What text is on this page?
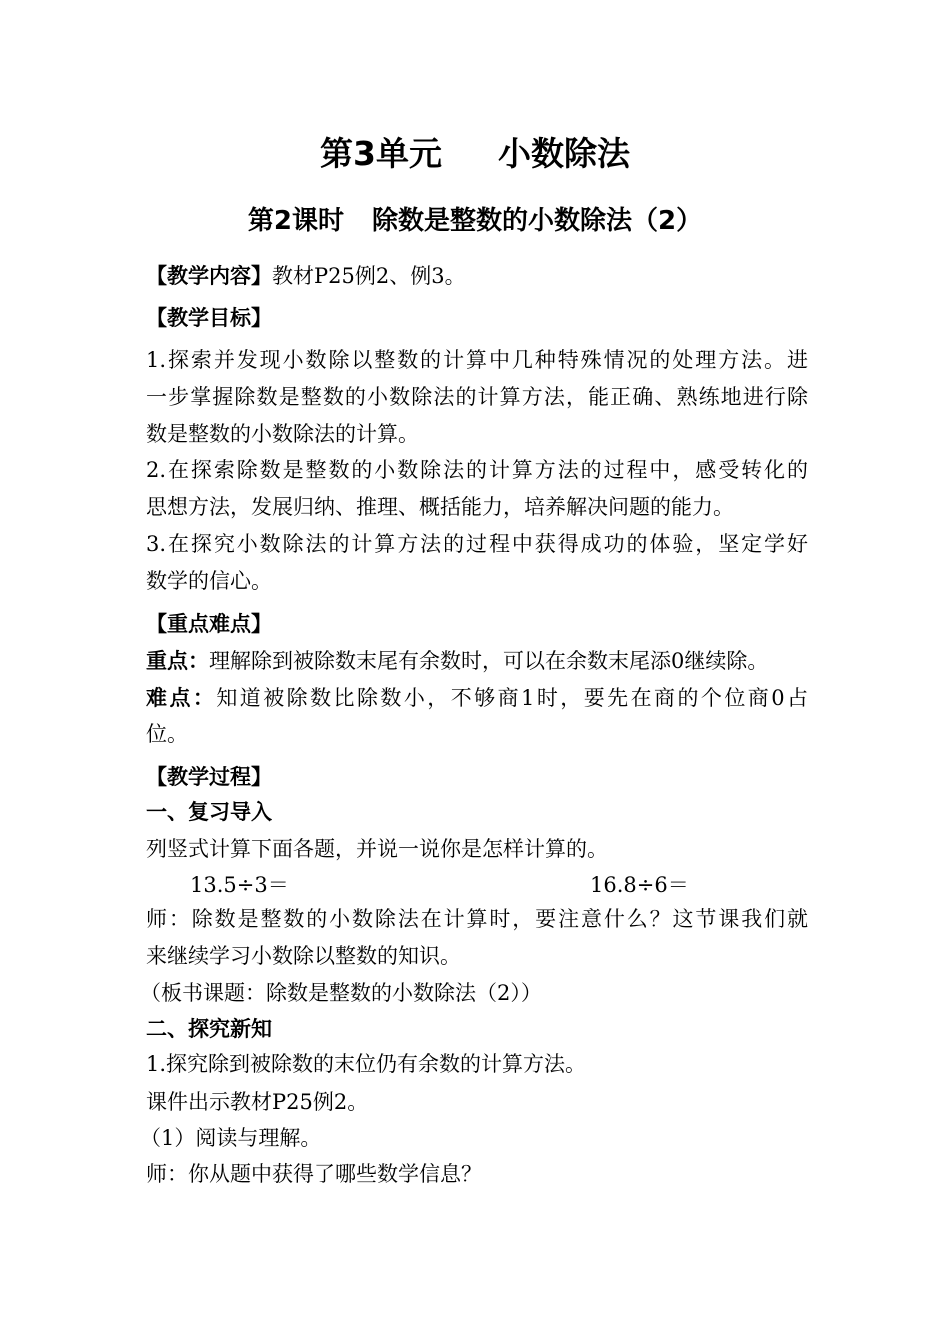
第3单元 小数除法
第2课时 除数是整数的小数除法（2）
【教学内容】教材P25例2、例3。
【教学目标】
1.探索并发现小数除以整数的计算中几种特殊情况的处理方法。进
一步掌握除数是整数的小数除法的计算方法，能正确、熟练地进行除
数是整数的小数除法的计算。
2.在探索除数是整数的小数除法的计算方法的过程中，感受转化的
思想方法，发展归纳、推理、概括能力，培养解决问题的能力。
3.在探究小数除法的计算方法的过程中获得成功的体验，坚定学好
数学的信心。
【重点难点】
重点：理解除到被除数末尾有余数时，可以在余数末尾添0继续除。
难点：知道被除数比除数小，不够商1时，要先在商的个位商0占
位。
【教学过程】
一、复习导入
列竖式计算下面各题，并说一说你是怎样计算的。
13.5÷3＝	16.8÷6＝
师：除数是整数的小数除法在计算时，要注意什么？这节课我们就
来继续学习小数除以整数的知识。
（板书课题：除数是整数的小数除法（2））
二、探究新知
1.探究除到被除数的末位仍有余数的计算方法。
课件出示教材P25例2。
（1）阅读与理解。
师：你从题中获得了哪些数学信息？
